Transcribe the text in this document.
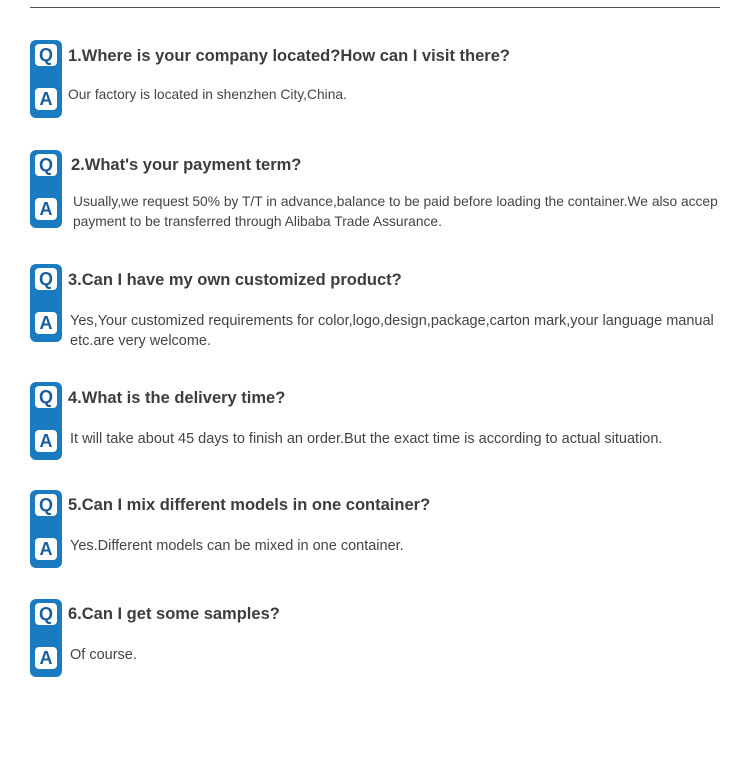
Q
A
1.Where is your company located?How can I visit there?
Our factory is located in shenzhen City,China.
Q
A
2.What's your payment term?
Usually,we request 50% by T/T in advance,balance to be paid before loading the container.We also accep
payment to be transferred through Alibaba Trade Assurance.
Q
A
3.Can I have my own customized product?
Yes,Your customized requirements for color,logo,design,package,carton mark,your language manual etc.are very welcome.
Q
A
4.What is the delivery time?
It will take about 45 days to finish an order.But the exact time is according to actual situation.
Q
A
5.Can I mix different models in one container?
Yes.Different models can be mixed in one container.
Q
A
6.Can I get some samples?
Of course.
